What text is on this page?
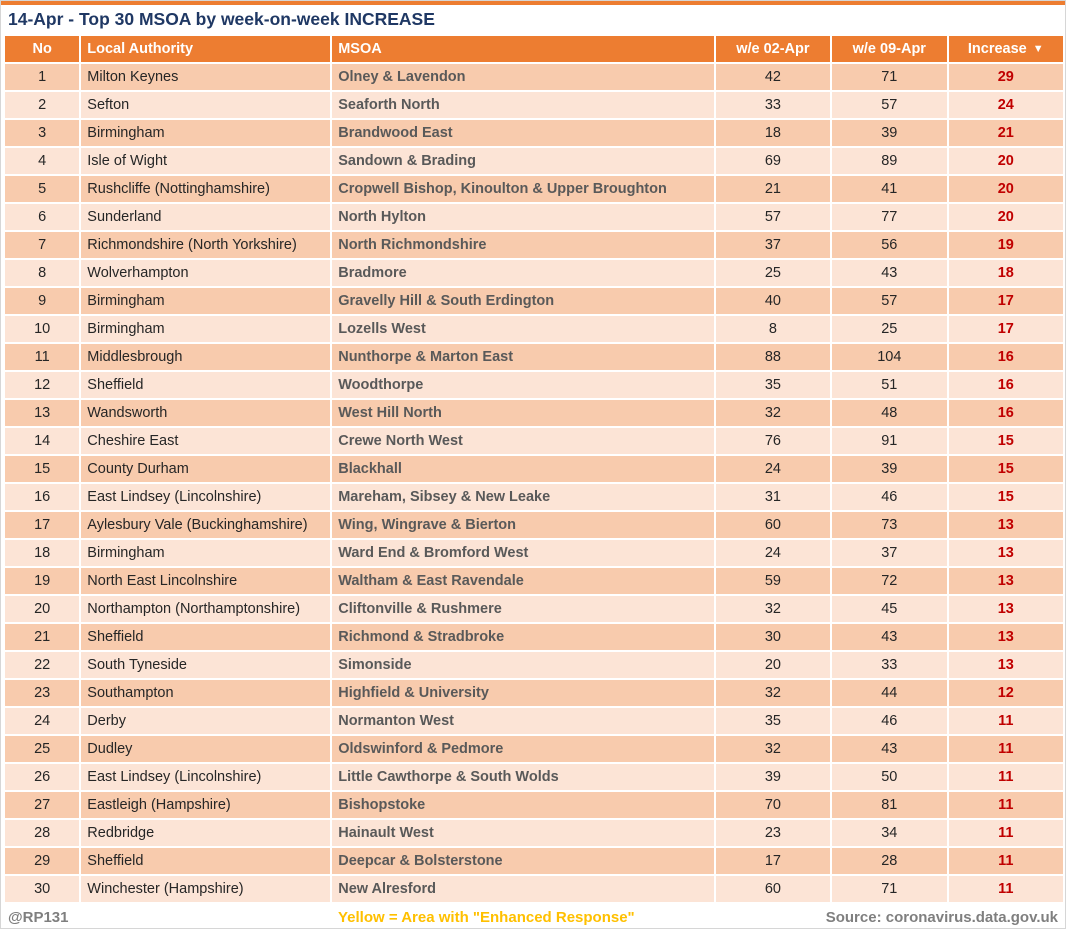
14-Apr - Top 30 MSOA by week-on-week INCREASE
No	Local Authority	MSOA	w/e 02-Apr	w/e 09-Apr	Increase ▼
1	Milton Keynes	Olney & Lavendon	42	71	29
2	Sefton	Seaforth North	33	57	24
3	Birmingham	Brandwood East	18	39	21
4	Isle of Wight	Sandown & Brading	69	89	20
5	Rushcliffe (Nottinghamshire)	Cropwell Bishop, Kinoulton & Upper Broughton	21	41	20
6	Sunderland	North Hylton	57	77	20
7	Richmondshire (North Yorkshire)	North Richmondshire	37	56	19
8	Wolverhampton	Bradmore	25	43	18
9	Birmingham	Gravelly Hill & South Erdington	40	57	17
10	Birmingham	Lozells West	8	25	17
11	Middlesbrough	Nunthorpe & Marton East	88	104	16
12	Sheffield	Woodthorpe	35	51	16
13	Wandsworth	West Hill North	32	48	16
14	Cheshire East	Crewe North West	76	91	15
15	County Durham	Blackhall	24	39	15
16	East Lindsey (Lincolnshire)	Mareham, Sibsey & New Leake	31	46	15
17	Aylesbury Vale (Buckinghamshire)	Wing, Wingrave & Bierton	60	73	13
18	Birmingham	Ward End & Bromford West	24	37	13
19	North East Lincolnshire	Waltham & East Ravendale	59	72	13
20	Northampton (Northamptonshire)	Cliftonville & Rushmere	32	45	13
21	Sheffield	Richmond & Stradbroke	30	43	13
22	South Tyneside	Simonside	20	33	13
23	Southampton	Highfield & University	32	44	12
24	Derby	Normanton West	35	46	11
25	Dudley	Oldswinford & Pedmore	32	43	11
26	East Lindsey (Lincolnshire)	Little Cawthorpe & South Wolds	39	50	11
27	Eastleigh (Hampshire)	Bishopstoke	70	81	11
28	Redbridge	Hainault West	23	34	11
29	Sheffield	Deepcar & Bolsterstone	17	28	11
30	Winchester (Hampshire)	New Alresford	60	71	11
@RP131	Yellow = Area with "Enhanced Response"	Source: coronavirus.data.gov.uk
